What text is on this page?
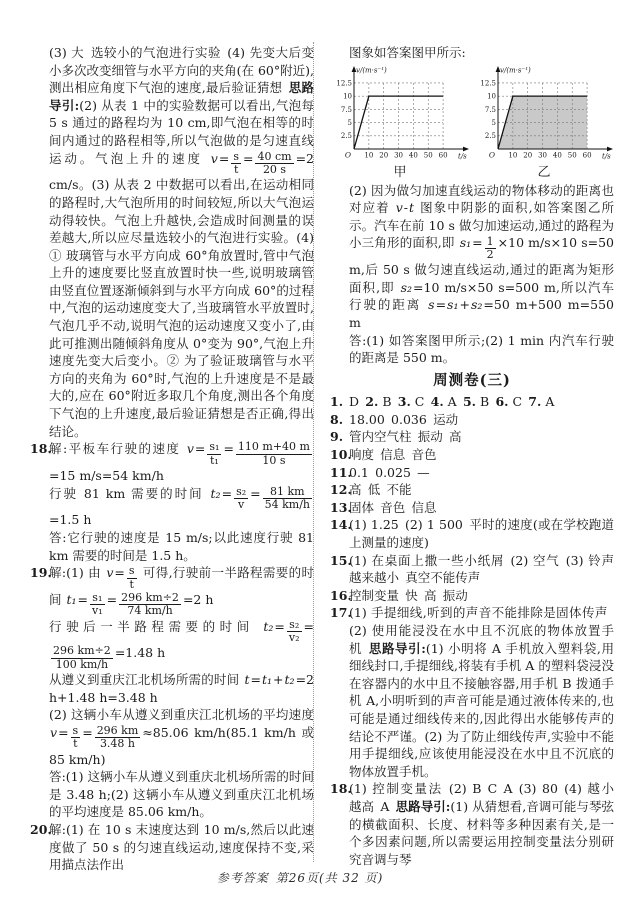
(3) 大 选较小的气泡进行实验 (4) 先变大后变小多次改变细管与水平方向的夹角(在 60°附近),测出相应角度下气泡的速度,最后验证猜想 思路导引:(2) 从表 1 中的实验数据可以看出,气泡每 5 s 通过的路程均为 10 cm,即气泡在相等的时间内通过的路程相等,所以气泡做的是匀速直线运动。气泡上升的速度 $v= \frac{s}{t} = \frac{40 cm}{20 s} =2$ cm/s。(3) 从表 2 中数据可以看出,在运动相同的路程时,大气泡所用的时间较短,所以大气泡运动得较快。气泡上升越快,会造成时间测量的误差越大,所以应尽量选较小的气泡进行实验。(4) ① 玻璃管与水平方向成 60°角放置时,管中气泡上升的速度要比竖直放置时快一些,说明玻璃管由竖直位置逐渐倾斜到与水平方向成 60°的过程中,气泡的运动速度变大了,当玻璃管水平放置时,气泡几乎不动,说明气泡的运动速度又变小了,由此可推测出随倾斜角度从 0°变为 90°,气泡上升速度先变大后变小。② 为了验证玻璃管与水平方向的夹角为 60°时,气泡的上升速度是不是最大的,应在 60°附近多取几个角度,测出各个角度下气泡的上升速度,最后验证猜想是否正确,得出结论。
18.
解:平板车行驶的速度 $v= \frac{\text{s₁}}{\text{t₁}} = \frac{110 m+40 m}{10 s}$
=15 m/s=54 km/h
行驶 81 km 需要的时间 $t_2= \frac{\text{s₂}}{v} = \frac{81 km}{54 km/h}$
=1.5 h
答:它行驶的速度是 15 m/s;以此速度行驶 81 km 需要的时间是 1.5 h。
19.
解:(1) 由 $v= \frac{s}{t}$ 可得,行驶前一半路程需要的时间 $t_1= \frac{\text{s₁}}{\text{v₁}} = \frac{296 km\div 2}{74 km/h} =2$ h
行驶后一半路程需要的时间 $t_2= \frac{\text{s₂}}{\text{v₂}}$ =
$\frac{296 km\div 2}{100 km/h} =1.48$ h
从遵义到重庆江北机场所需的时间 t=t₁+t₂=2 h+1.48 h=3.48 h
(2) 这辆小车从遵义到重庆江北机场的平均速度 $v= \frac{s}{t} = \frac{296 km}{3.48 h} \approx 85.06$ km/h(85.1 km/h 或 85 km/h)
答:(1) 这辆小车从遵义到重庆北机场所需的时间是 3.48 h;(2) 这辆小车从遵义到重庆江北机场的平均速度是 85.06 km/h。
20.
解:(1) 在 10 s 末速度达到 10 m/s,然后以此速度做了 50 s 的匀速直线运动,速度保持不变,采用描点法作出
图象如答案图甲所示:
2.5
5
7.5
10
12.5
10 20 30 40 50 60
O
v/(m·s⁻¹)
t/s
甲
2.5
5
7.5
10
12.5
10 20 30 40 50 60
O
v/(m·s⁻¹)
t/s
乙
(2) 因为做匀加速直线运动的物体移动的距离也对应着 v-t 图象中阴影的面积,如答案图乙所示。汽车在前 10 s 做匀加速运动,通过的路程为小三角形的面积,即 $s_1= \frac{1}{2} \times 10$ m/s×10 s=50 m,后 50 s 做匀速直线运动,通过的距离为矩形面积,即 s₂=10 m/s×50 s=500 m,所以汽车行驶的距离 s=s₁+s₂=50 m+500 m=550 m
答:(1) 如答案图甲所示;(2) 1 min 内汽车行驶的距离是 550 m。
周测卷(三)
1. D 2. B 3. C 4. A 5. B 6. C 7. A
8. 18.00 0.036 运动
9. 管内空气柱 振动 高
10.
响度 信息 音色
11.
0.1 0.025 —
12.
高 低 不能
13.
固体 音色 信息
14.
(1) 1.25 (2) 1 500 平时的速度(或在学校跑道上测量的速度)
15.
(1) 在桌面上撒一些小纸屑 (2) 空气 (3) 铃声越来越小 真空不能传声
16.
控制变量 快 高 振动
17.
(1) 手提细线,听到的声音不能排除是固体传声 (2) 使用能浸没在水中且不沉底的物体放置手机 思路导引:(1) 小明将 A 手机放入塑料袋,用细线封口,手提细线,将装有手机 A 的塑料袋浸没在容器内的水中且不接触容器,用手机 B 拨通手机 A,小明听到的声音可能是通过液体传来的,也可能是通过细线传来的,因此得出水能够传声的结论不严谨。(2) 为了防止细线传声,实验中不能用手提细线,应该使用能浸没在水中且不沉底的物体放置手机。
18.
(1) 控制变量法 (2) B C A (3) 80 (4) 越小 越高 A 思路导引:(1) 从猜想看,音调可能与琴弦的横截面积、长度、材料等多种因素有关,是一个多因素问题,所以需要运用控制变量法分别研究音调与琴
参考答案 第26页(共 32 页)
